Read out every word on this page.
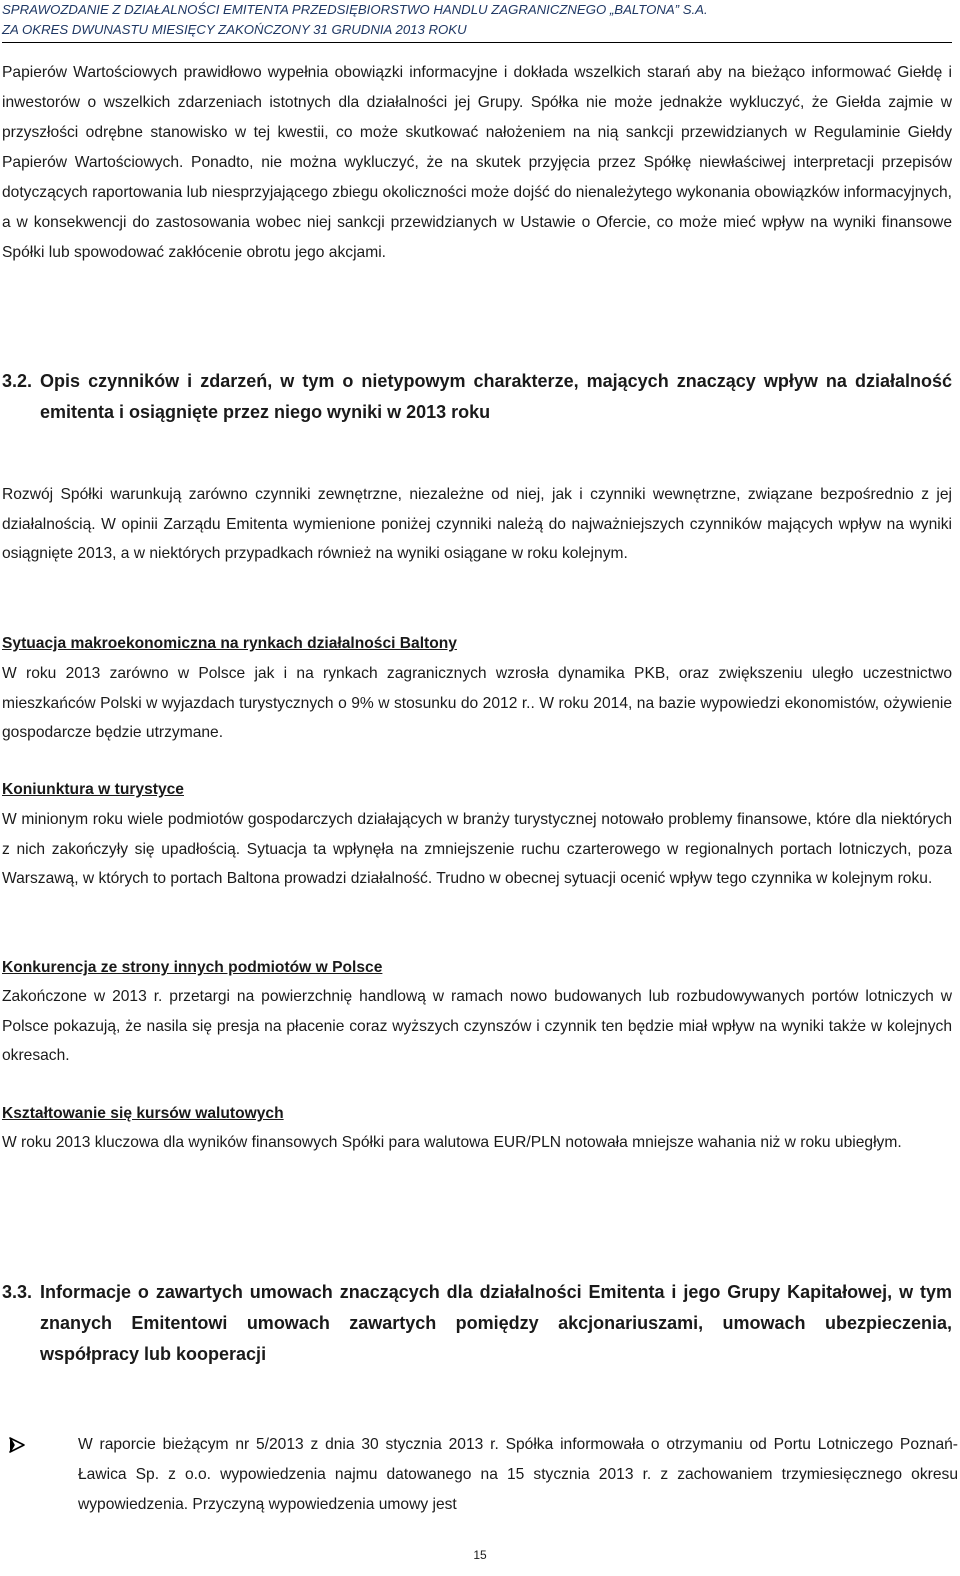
SPRAWOZDANIE Z DZIAŁALNOŚCI EMITENTA PRZEDSIĘBIORSTWO HANDLU ZAGRANICZNEGO „BALTONA” S.A.
ZA OKRES DWUNASTU MIESIĘCY ZAKOŃCZONY 31 GRUDNIA 2013 ROKU

Papierów Wartościowych prawidłowo wypełnia obowiązki informacyjne i dokłada wszelkich starań aby na bieżąco informować Giełdę i inwestorów o wszelkich zdarzeniach istotnych dla działalności jej Grupy. Spółka nie może jednakże wykluczyć, że Giełda zajmie w przyszłości odrębne stanowisko w tej kwestii, co może skutkować nałożeniem na nią sankcji przewidzianych w Regulaminie Giełdy Papierów Wartościowych. Ponadto, nie można wykluczyć, że na skutek przyjęcia przez Spółkę niewłaściwej interpretacji przepisów dotyczących raportowania lub niesprzyjającego zbiegu okoliczności może dojść do nienależytego wykonania obowiązków informacyjnych, a w konsekwencji do zastosowania wobec niej sankcji przewidzianych w Ustawie o Ofercie, co może mieć wpływ na wyniki finansowe Spółki lub spowodować zakłócenie obrotu jego akcjami.

3.2. Opis czynników i zdarzeń, w tym o nietypowym charakterze, mających znaczący wpływ na działalność emitenta i osiągnięte przez niego wyniki w 2013 roku

Rozwój Spółki warunkują zarówno czynniki zewnętrzne, niezależne od niej, jak i czynniki wewnętrzne, związane bezpośrednio z jej działalnością. W opinii Zarządu Emitenta wymienione poniżej czynniki należą do najważniejszych czynników mających wpływ na wyniki osiągnięte 2013, a w niektórych przypadkach również na wyniki osiągane w roku kolejnym.

Sytuacja makroekonomiczna na rynkach działalności Baltony

W roku 2013 zarówno w Polsce jak i na rynkach zagranicznych wzrosła dynamika PKB, oraz zwiększeniu uległo uczestnictwo mieszkańców Polski w wyjazdach turystycznych o 9% w stosunku do 2012 r.. W roku 2014, na bazie wypowiedzi ekonomistów, ożywienie gospodarcze będzie utrzymane.

Koniunktura w turystyce

W minionym roku wiele podmiotów gospodarczych działających w branży turystycznej notowało problemy finansowe, które dla niektórych z nich zakończyły się upadłością. Sytuacja ta wpłynęła na zmniejszenie ruchu czarterowego w regionalnych portach lotniczych, poza Warszawą, w których to portach Baltona prowadzi działalność. Trudno w obecnej sytuacji ocenić wpływ tego czynnika w kolejnym roku.

Konkurencja ze strony innych podmiotów w Polsce

Zakończone w 2013 r. przetargi na powierzchnię handlową w ramach nowo budowanych lub rozbudowywanych portów lotniczych w Polsce pokazują, że nasila się presja na płacenie coraz wyższych czynszów i czynnik ten będzie miał wpływ na wyniki także w kolejnych okresach.

Kształtowanie się kursów walutowych

W roku 2013 kluczowa dla wyników finansowych Spółki para walutowa EUR/PLN notowała mniejsze wahania niż w roku ubiegłym.

3.3. Informacje o zawartych umowach znaczących dla działalności Emitenta i jego Grupy Kapitałowej, w tym znanych Emitentowi umowach zawartych pomiędzy akcjonariuszami, umowach ubezpieczenia, współpracy lub kooperacji
W raporcie bieżącym nr 5/2013 z dnia 30 stycznia 2013 r. Spółka informowała o otrzymaniu od Portu Lotniczego Poznań-Ławica Sp. z o.o. wypowiedzenia najmu datowanego na 15 stycznia 2013 r. z zachowaniem trzymiesięcznego okresu wypowiedzenia. Przyczyną wypowiedzenia umowy jest
15
